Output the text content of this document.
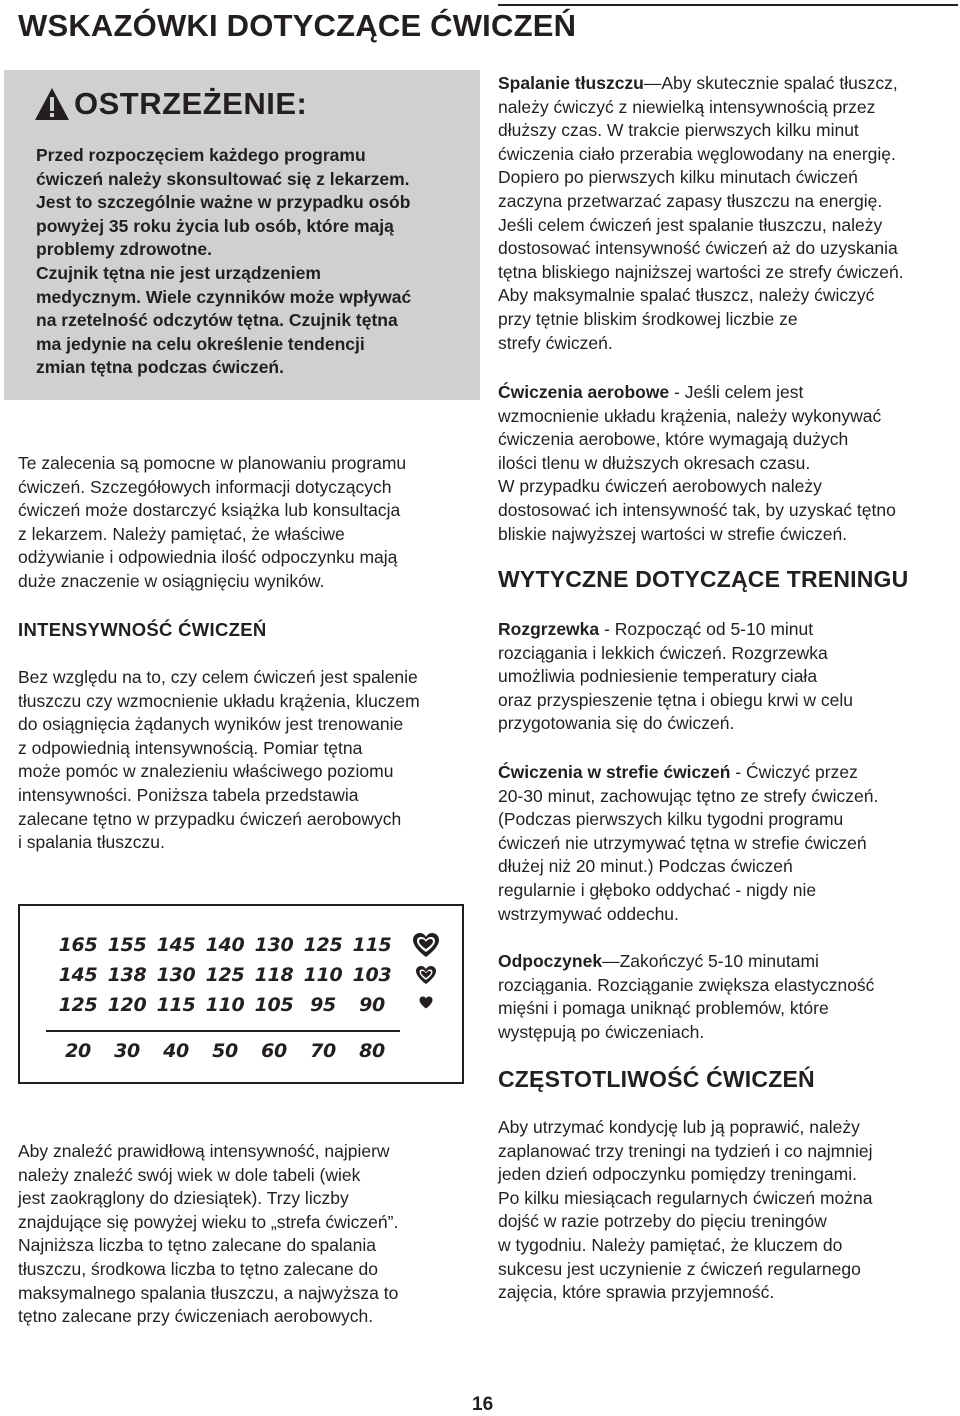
WSKAZÓWKI DOTYCZĄCE ĆWICZEŃ
OSTRZEŻENIE:

Przed rozpoczęciem każdego programu

ćwiczeń należy skonsultować się z lekarzem.

Jest to szczególnie ważne w przypadku osób

powyżej 35 roku życia lub osób, które mają

problemy zdrowotne.

Czujnik tętna nie jest urządzeniem

medycznym. Wiele czynników może wpływać

na rzetelność odczytów tętna. Czujnik tętna

ma jedynie na celu określenie tendencji

zmian tętna podczas ćwiczeń.

Te zalecenia są pomocne w planowaniu programu

ćwiczeń. Szczegółowych informacji dotyczących

ćwiczeń może dostarczyć książka lub konsultacja

z lekarzem. Należy pamiętać, że właściwe

odżywianie i odpowiednia ilość odpoczynku mają

duże znaczenie w osiągnięciu wyników.

INTENSYWNOŚĆ ĆWICZEŃ

Bez względu na to, czy celem ćwiczeń jest spalenie

tłuszczu czy wzmocnienie układu krążenia, kluczem

do osiągnięcia żądanych wyników jest trenowanie

z odpowiednią intensywnością. Pomiar tętna

może pomóc w znalezieniu właściwego poziomu

intensywności. Poniższa tabela przedstawia

zalecane tętno w przypadku ćwiczeń aerobowych

i spalania tłuszczu.

165 155 145 140 130 125 115
145 138 130 125 118 110 103
125 120 115 110 105 95	90
20	30	40	50	60	70	80

Aby znaleźć prawidłową intensywność, najpierw

należy znaleźć swój wiek w dole tabeli (wiek

jest zaokrąglony do dziesiątek). Trzy liczby

znajdujące się powyżej wieku to „strefa ćwiczeń”.

Najniższa liczba to tętno zalecane do spalania

tłuszczu, środkowa liczba to tętno zalecane do

maksymalnego spalania tłuszczu, a najwyższa to

tętno zalecane przy ćwiczeniach aerobowych.

Spalanie tłuszczu—Aby skutecznie spalać tłuszcz,

należy ćwiczyć z niewielką intensywnością przez

dłuższy czas. W trakcie pierwszych kilku minut

ćwiczenia ciało przerabia węglowodany na energię.

Dopiero po pierwszych kilku minutach ćwiczeń

zaczyna przetwarzać zapasy tłuszczu na energię.

Jeśli celem ćwiczeń jest spalanie tłuszczu, należy

dostosować intensywność ćwiczeń aż do uzyskania

tętna bliskiego najniższej wartości ze strefy ćwiczeń.

Aby maksymalnie spalać tłuszcz, należy ćwiczyć

przy tętnie bliskim środkowej liczbie ze

strefy ćwiczeń.

Ćwiczenia aerobowe - Jeśli celem jest

wzmocnienie układu krążenia, należy wykonywać

ćwiczenia aerobowe, które wymagają dużych

ilości tlenu w dłuższych okresach czasu.

W przypadku ćwiczeń aerobowych należy

dostosować ich intensywność tak, by uzyskać tętno

bliskie najwyższej wartości w strefie ćwiczeń.

WYTYCZNE DOTYCZĄCE TRENINGU

Rozgrzewka - Rozpocząć od 5-10 minut

rozciągania i lekkich ćwiczeń. Rozgrzewka

umożliwia podniesienie temperatury ciała

oraz przyspieszenie tętna i obiegu krwi w celu

przygotowania się do ćwiczeń.

Ćwiczenia w strefie ćwiczeń - Ćwiczyć przez

20-30 minut, zachowując tętno ze strefy ćwiczeń.

(Podczas pierwszych kilku tygodni programu

ćwiczeń nie utrzymywać tętna w strefie ćwiczeń

dłużej niż 20 minut.) Podczas ćwiczeń

regularnie i głęboko oddychać - nigdy nie

wstrzymywać oddechu.

Odpoczynek—Zakończyć 5-10 minutami

rozciągania. Rozciąganie zwiększa elastyczność

mięśni i pomaga uniknąć problemów, które

występują po ćwiczeniach.

CZĘSTOTLIWOŚĆ ĆWICZEŃ

Aby utrzymać kondycję lub ją poprawić, należy

zaplanować trzy treningi na tydzień i co najmniej

jeden dzień odpoczynku pomiędzy treningami.

Po kilku miesiącach regularnych ćwiczeń można

dojść w razie potrzeby do pięciu treningów

w tygodniu. Należy pamiętać, że kluczem do

sukcesu jest uczynienie z ćwiczeń regularnego

zajęcia, które sprawia przyjemność.

16
